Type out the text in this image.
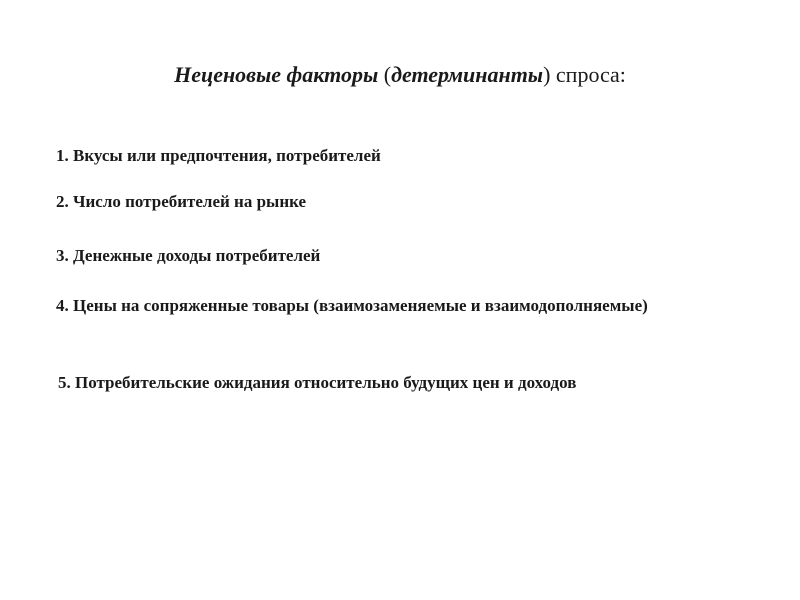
Неценовые факторы (детерминанты) спроса:
1. Вкусы или предпочтения, потребителей
2. Число потребителей на рынке
3. Денежные доходы потребителей
4. Цены на сопряженные товары (взаимозаменяемые и взаимодополняемые)
5. Потребительские ожидания относительно будущих цен и доходов
